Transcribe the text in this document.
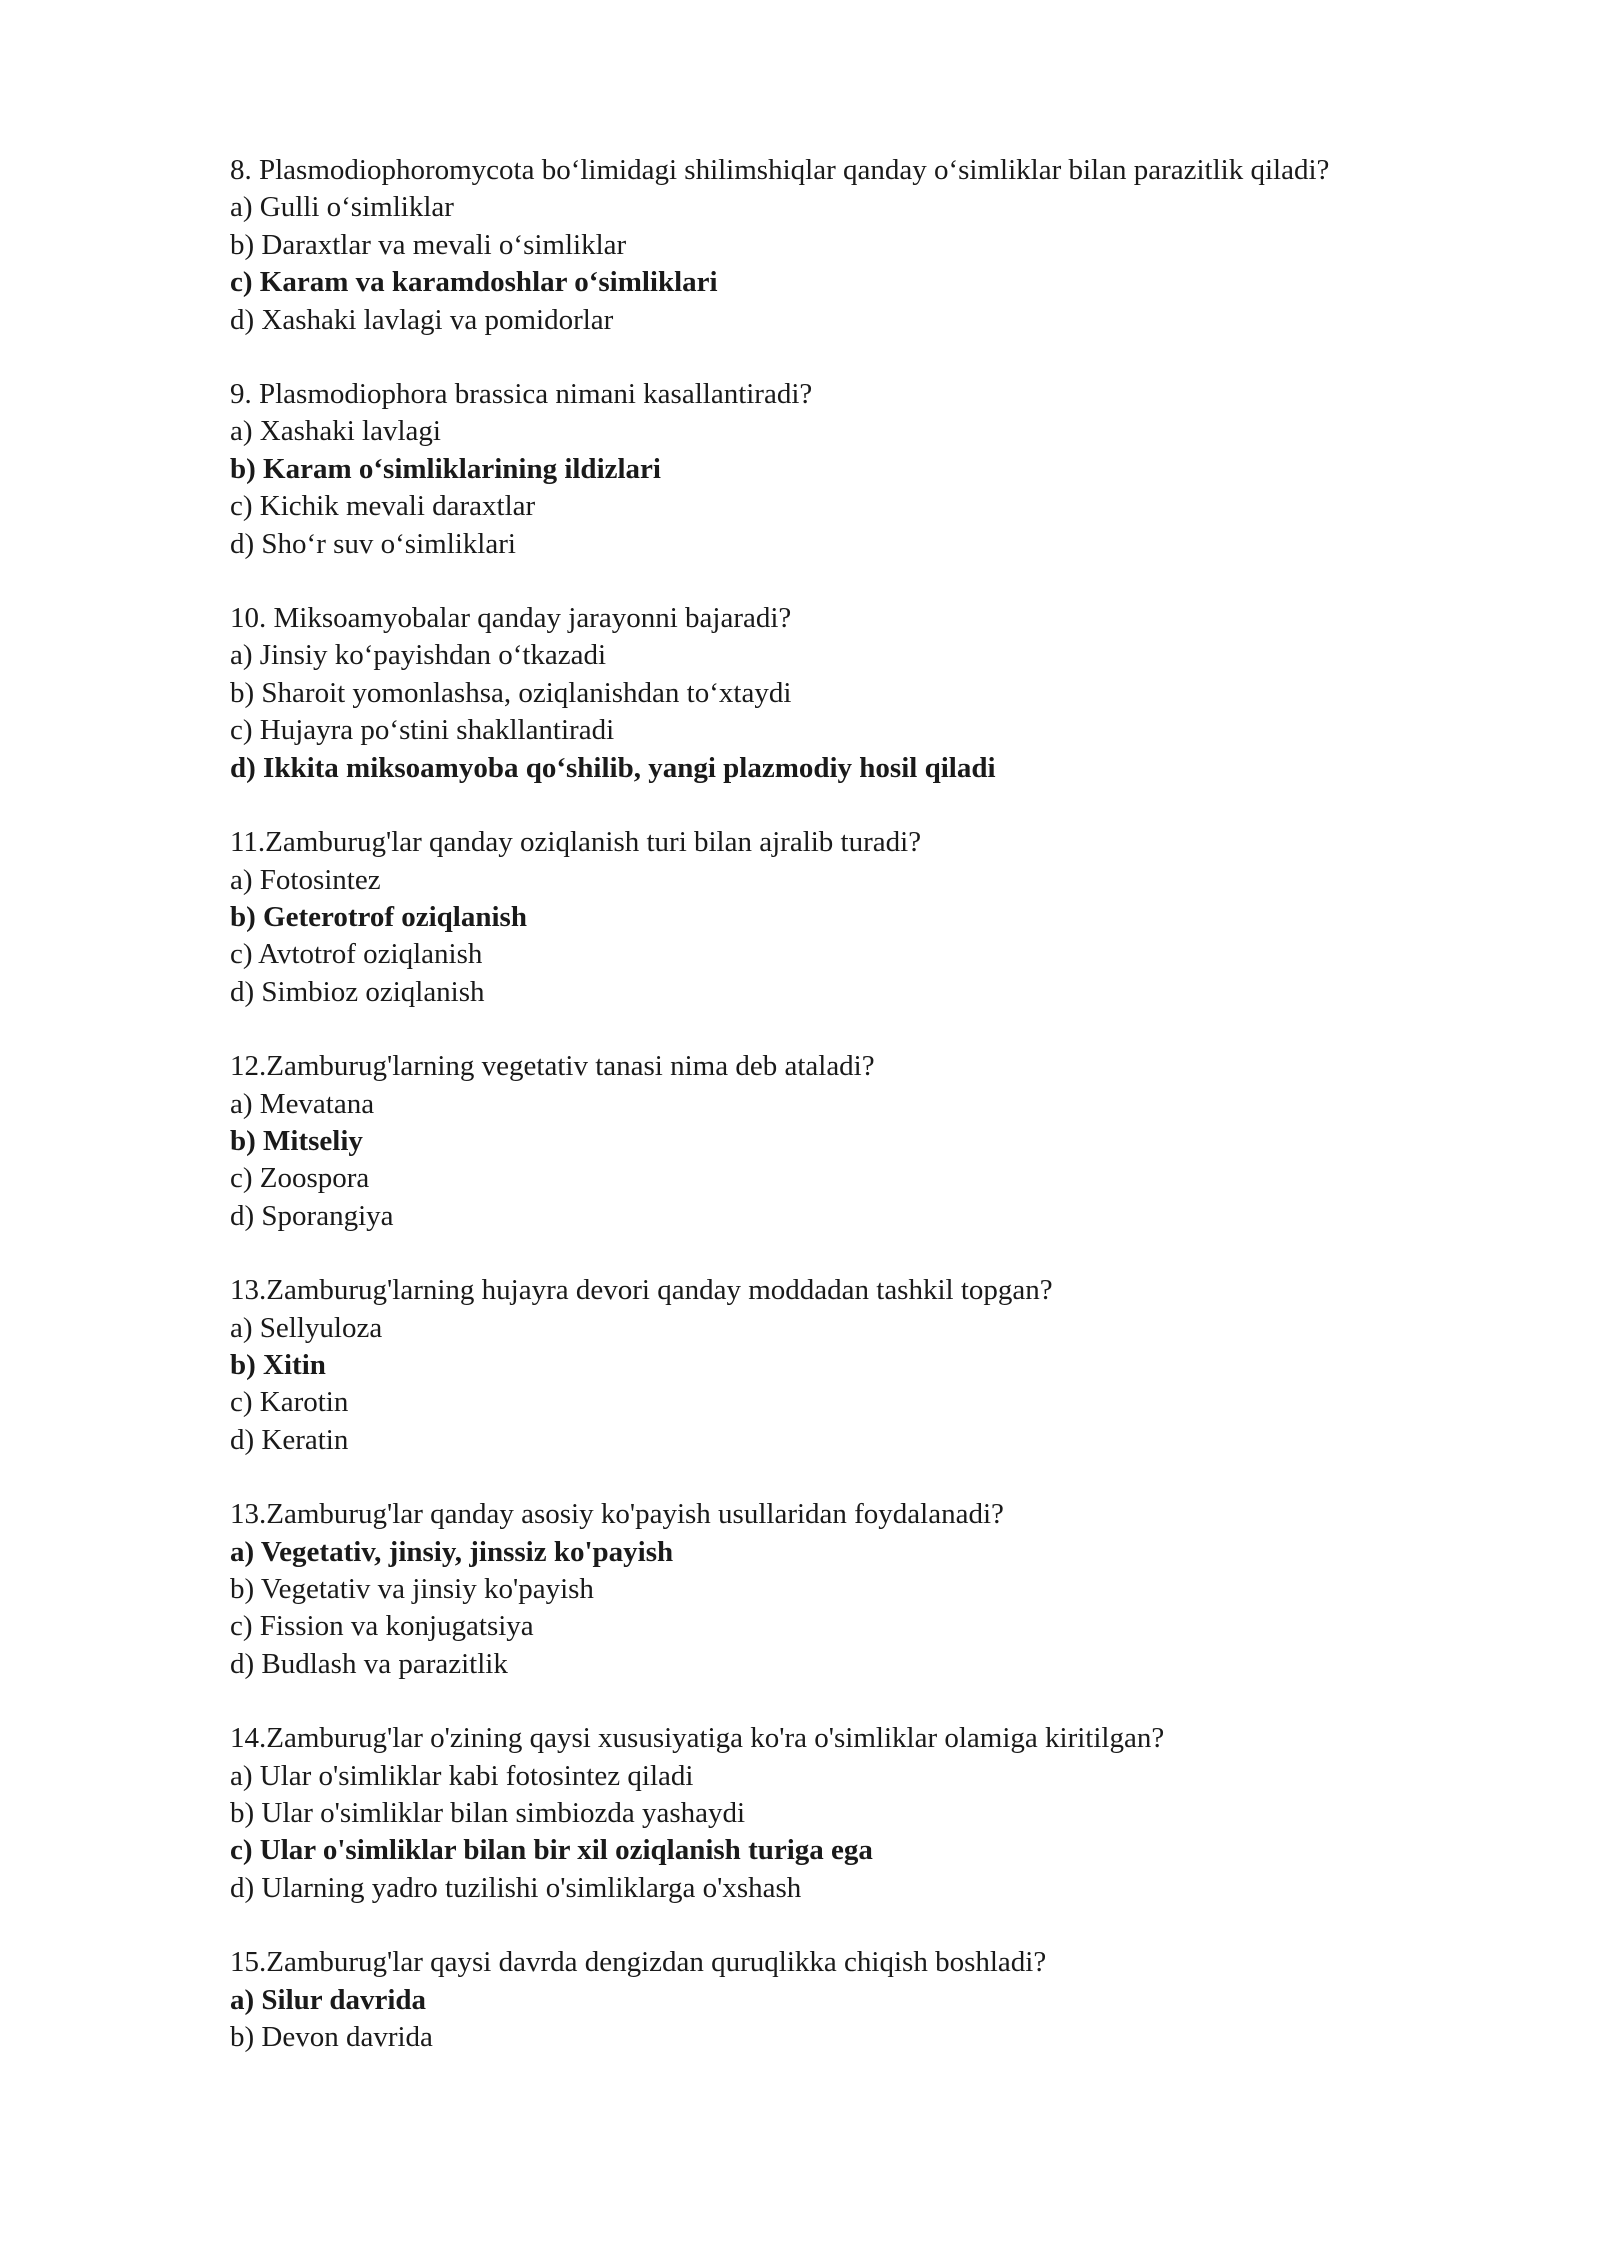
8. Plasmodiophoromycota bo‘limidagi shilimshiqlar qanday o‘simliklar bilan parazitlik qiladi?
a) Gulli o‘simliklar
b) Daraxtlar va mevali o‘simliklar
c) Karam va karamdoshlar o‘simliklari
d) Xashaki lavlagi va pomidorlar
9. Plasmodiophora brassica nimani kasallantiradi?
a) Xashaki lavlagi
b) Karam o‘simliklarining ildizlari
c) Kichik mevali daraxtlar
d) Sho‘r suv o‘simliklari
10. Miksoamyobalar qanday jarayonni bajaradi?
a) Jinsiy ko‘payishdan o‘tkazadi
b) Sharoit yomonlashsa, oziqlanishdan to‘xtaydi
c) Hujayra po‘stini shakllantiradi
d) Ikkita miksoamyoba qo‘shilib, yangi plazmodiy hosil qiladi
11.Zamburug'lar qanday oziqlanish turi bilan ajralib turadi?
a) Fotosintez
b) Geterotrof oziqlanish
c) Avtotrof oziqlanish
d) Simbioz oziqlanish
12.Zamburug'larning vegetativ tanasi nima deb ataladi?
a) Mevatana
b) Mitseliy
c) Zoospora
d) Sporangiya
13.Zamburug'larning hujayra devori qanday moddadan tashkil topgan?
a) Sellyuloza
b) Xitin
c) Karotin
d) Keratin
13.Zamburug'lar qanday asosiy ko'payish usullaridan foydalanadi?
a) Vegetativ, jinsiy, jinssiz ko'payish
b) Vegetativ va jinsiy ko'payish
c) Fission va konjugatsiya
d) Budlash va parazitlik
14.Zamburug'lar o'zining qaysi xususiyatiga ko'ra o'simliklar olamiga kiritilgan?
a) Ular o'simliklar kabi fotosintez qiladi
b) Ular o'simliklar bilan simbiozda yashaydi
c) Ular o'simliklar bilan bir xil oziqlanish turiga ega
d) Ularning yadro tuzilishi o'simliklarga o'xshash
15.Zamburug'lar qaysi davrda dengizdan quruqlikka chiqish boshladi?
a) Silur davrida
b) Devon davrida
